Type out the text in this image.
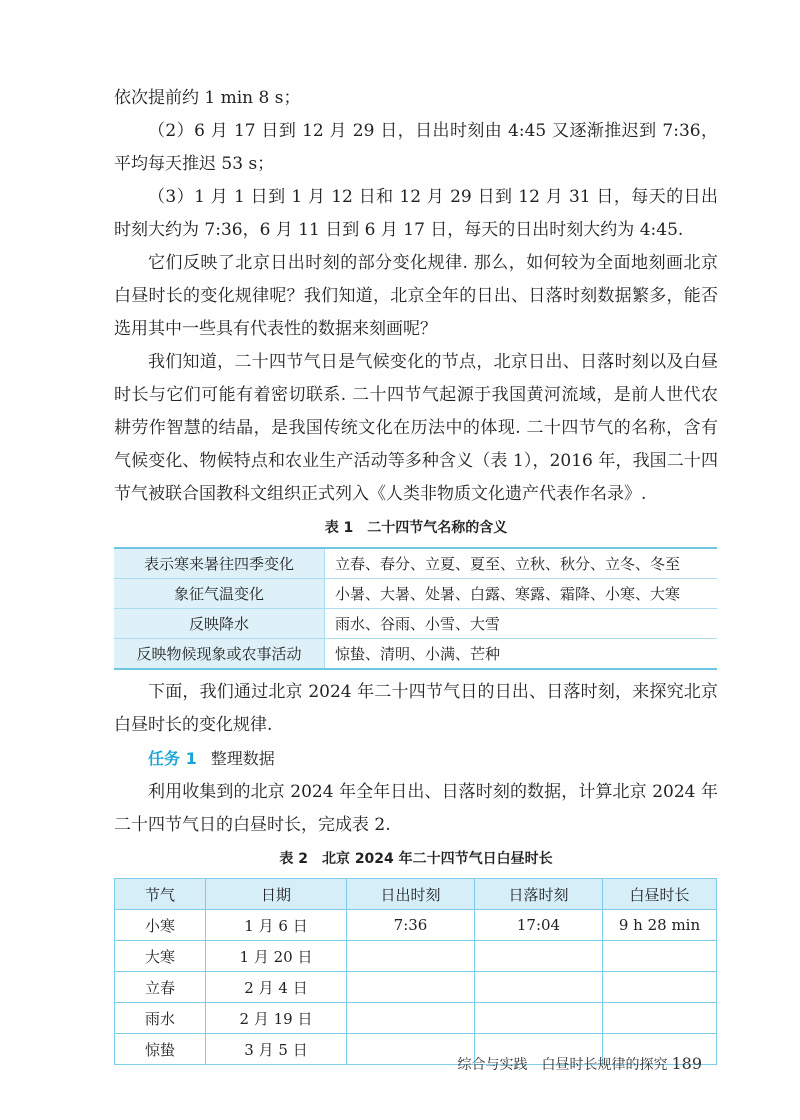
依次提前约 1 min 8 s；

（2）6 月 17 日到 12 月 29 日，日出时刻由 4:45 又逐渐推迟到 7:36，平均每天推迟 53 s；

（3）1 月 1 日到 1 月 12 日和 12 月 29 日到 12 月 31 日，每天的日出时刻大约为 7:36，6 月 11 日到 6 月 17 日，每天的日出时刻大约为 4:45.

它们反映了北京日出时刻的部分变化规律. 那么，如何较为全面地刻画北京白昼时长的变化规律呢？我们知道，北京全年的日出、日落时刻数据繁多，能否选用其中一些具有代表性的数据来刻画呢？

我们知道，二十四节气日是气候变化的节点，北京日出、日落时刻以及白昼时长与它们可能有着密切联系. 二十四节气起源于我国黄河流域，是前人世代农耕劳作智慧的结晶，是我国传统文化在历法中的体现. 二十四节气的名称，含有气候变化、物候特点和农业生产活动等多种含义（表 1），2016 年，我国二十四节气被联合国教科文组织正式列入《人类非物质文化遗产代表作名录》.

表 1　二十四节气名称的含义
表示寒来暑往四季变化	立春、春分、立夏、夏至、立秋、秋分、立冬、冬至
象征气温变化	小暑、大暑、处暑、白露、寒露、霜降、小寒、大寒
反映降水	雨水、谷雨、小雪、大雪
反映物候现象或农事活动	惊蛰、清明、小满、芒种

下面，我们通过北京 2024 年二十四节气日的日出、日落时刻，来探究北京白昼时长的变化规律.

任务 1 整理数据

利用收集到的北京 2024 年全年日出、日落时刻的数据，计算北京 2024 年二十四节气日的白昼时长，完成表 2.

表 2　北京 2024 年二十四节气日白昼时长
节气	日期	日出时刻	日落时刻	白昼时长
小寒	1 月 6 日	7:36	17:04	9 h 28 min
大寒	1 月 20 日			
立春	2 月 4 日			
雨水	2 月 19 日			
惊蛰	3 月 5 日			
综合与实践　白昼时长规律的探究 189
